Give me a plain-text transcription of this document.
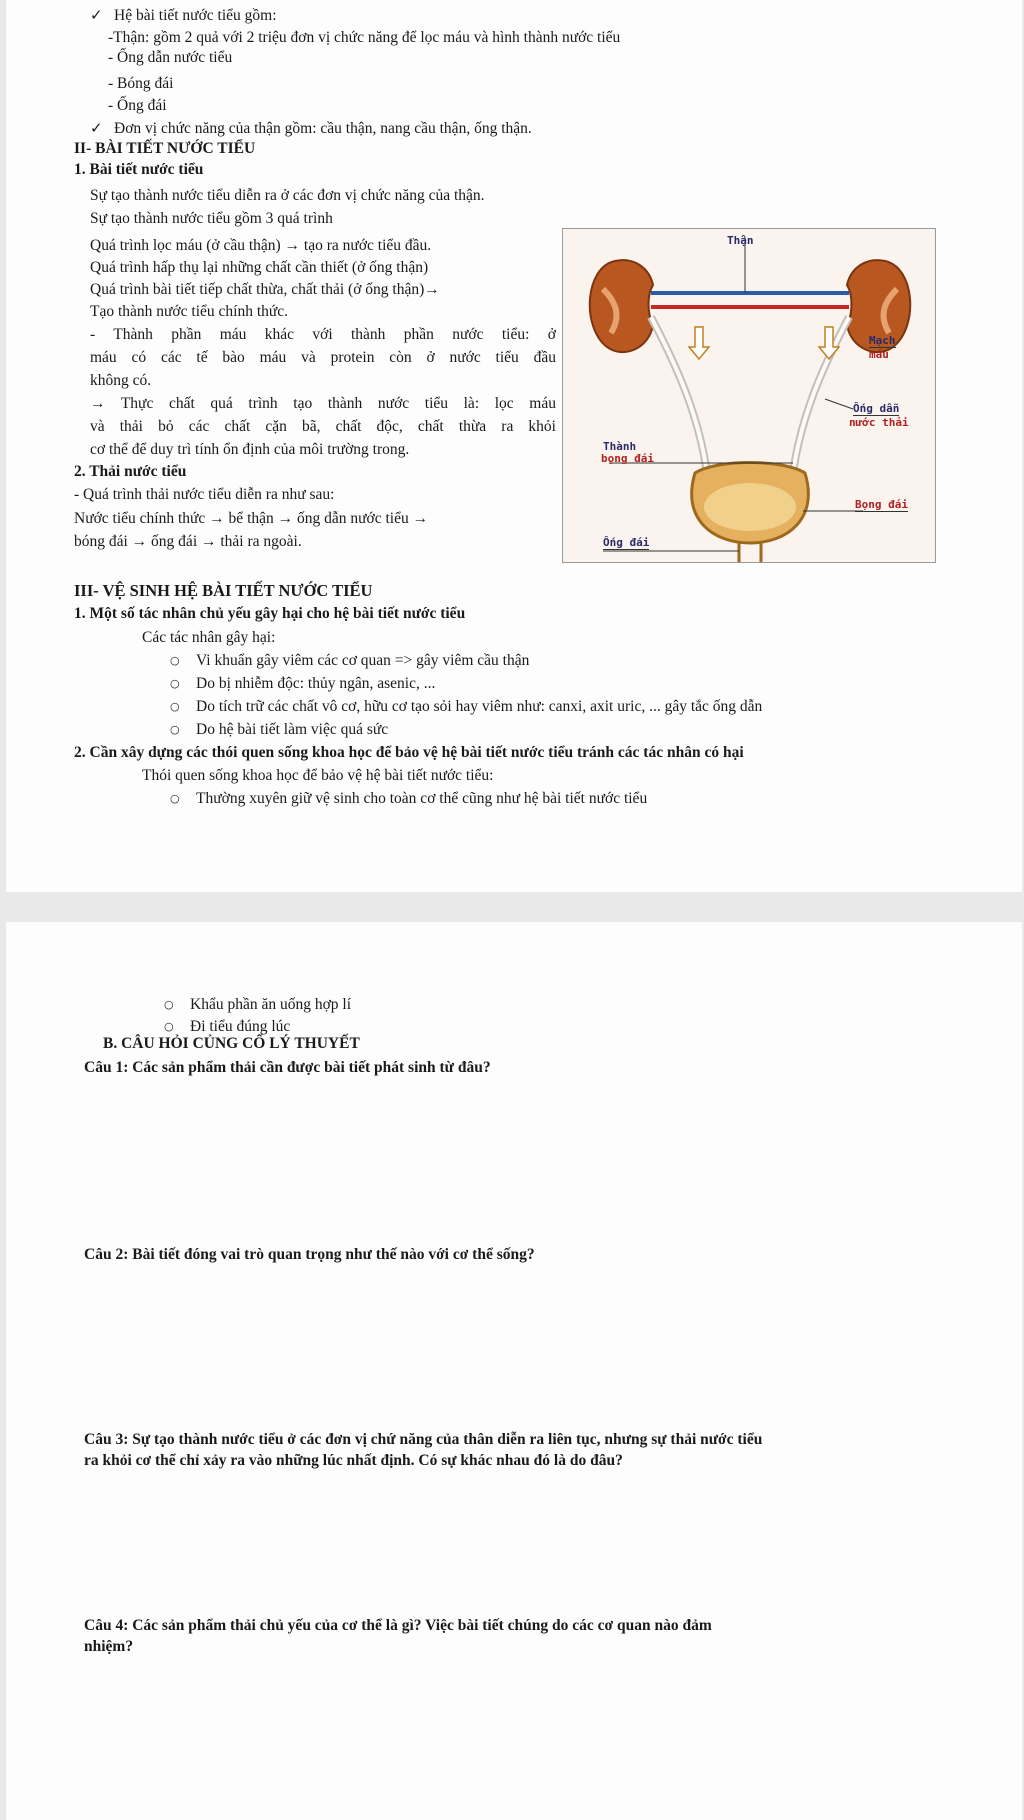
✓ Hệ bài tiết nước tiểu gồm:
-Thận: gồm 2 quả với 2 triệu đơn vị chức năng để lọc máu và hình thành nước tiểu
- Ống dẫn nước tiểu
- Bóng đái
- Ống đái
✓ Đơn vị chức năng của thận gồm: cầu thận, nang cầu thận, ống thận.
II- BÀI TIẾT NƯỚC TIỂU
1. Bài tiết nước tiểu
Sự tạo thành nước tiểu diễn ra ở các đơn vị chức năng của thận.
Sự tạo thành nước tiểu gồm 3 quá trình
Quá trình lọc máu (ở cầu thận) → tạo ra nước tiểu đầu.
Quá trình hấp thụ lại những chất cần thiết (ở ống thận)
Quá trình bài tiết tiếp chất thừa, chất thải (ở ống thận)→
Tạo thành nước tiểu chính thức.
- Thành phần máu khác với thành phần nước tiểu: ở
máu có các tế bào máu và protein còn ở nước tiểu đầu
không có.
→ Thực chất quá trình tạo thành nước tiểu là: lọc máu
và thải bỏ các chất cặn bã, chất độc, chất thừa ra khỏi
cơ thể để duy trì tính ổn định của môi trường trong.
2. Thải nước tiểu
- Quá trình thải nước tiểu diễn ra như sau:
Nước tiểu chính thức → bể thận → ống dẫn nước tiểu →
bóng đái → ống đái → thải ra ngoài.
Thận
Mạch
máu
Ống dẫn
nước thải
Thành
bọng đái
Bọng đái
Ống đái
III- VỆ SINH HỆ BÀI TIẾT NƯỚC TIỂU
1. Một số tác nhân chủ yếu gây hại cho hệ bài tiết nước tiểu
Các tác nhân gây hại:
○ Vi khuẩn gây viêm các cơ quan => gây viêm cầu thận
○ Do bị nhiễm độc: thủy ngân, asenic, ...
○ Do tích trữ các chất vô cơ, hữu cơ tạo sỏi hay viêm như: canxi, axit uric, ... gây tắc ống dẫn
○ Do hệ bài tiết làm việc quá sức
2. Cần xây dựng các thói quen sống khoa học để bảo vệ hệ bài tiết nước tiểu tránh các tác nhân có hại
Thói quen sống khoa học để bảo vệ hệ bài tiết nước tiểu:
○ Thường xuyên giữ vệ sinh cho toàn cơ thể cũng như hệ bài tiết nước tiểu
○ Khẩu phần ăn uống hợp lí
○ Đi tiểu đúng lúc
B. CÂU HỎI CỦNG CỐ LÝ THUYẾT
Câu 1: Các sản phẩm thải cần được bài tiết phát sinh từ đâu?
Câu 2: Bài tiết đóng vai trò quan trọng như thế nào với cơ thể sống?
Câu 3: Sự tạo thành nước tiểu ở các đơn vị chứ năng của thân diễn ra liên tục, nhưng sự thải nước tiểu
ra khỏi cơ thể chỉ xảy ra vào những lúc nhất định. Có sự khác nhau đó là do đâu?
Câu 4: Các sản phẩm thải chủ yếu của cơ thể là gì? Việc bài tiết chúng do các cơ quan nào đảm
nhiệm?
